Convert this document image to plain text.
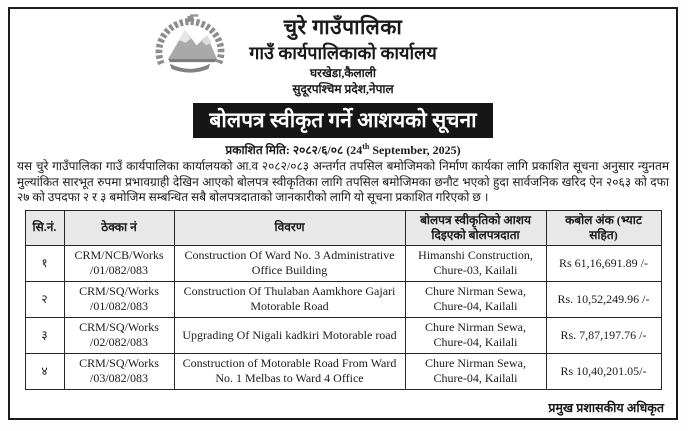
चुरे गाउँपालिका
गाउँ कार्यपालिकाको कार्यालय
घरखेडा,कैलाली
सुदूरपश्चिम प्रदेश,नेपाल
बोलपत्र स्वीकृत गर्ने आशयको सूचना
प्रकाशित मिति: २०८२/६/०८ (24th September, 2025)
यस चुरे गाउँपालिका गाउँ कार्यपालिका कार्यालयको आ.व २०८२/०८३ अन्तर्गत तपसिल बमोजिमको निर्माण कार्यका लागि प्रकाशित सूचना अनुसार न्युनतम मुल्यांकित सारभूत रुपमा प्रभावग्राही देखिन आएको बोलपत्र स्वीकृतिका लागि तपसिल बमोजिमका छनौट भएको हुदा सार्वजनिक खरिद ऐन २०६३ को दफा २७ को उपदफा २ र ३ बमोजिम सम्बन्धित सबै बोलपत्रदाताको जानकारीको लागि यो सूचना प्रकाशित गरिएको छ ।
सि.नं.	ठेक्का नं	विवरण	बोलपत्र स्वीकृतिको आशय दिइएको बोलपत्रदाता	कबोल अंक (भ्याट सहित)
१	CRM/NCB/Works /01/082/083	Construction Of Ward No. 3 Administrative Office Building	Himanshi Construction, Chure-03, Kailali	Rs 61,16,691.89 /-
२	CRM/SQ/Works /01/082/083	Construction Of Thulaban Aamkhore Gajari Motorable Road	Chure Nirman Sewa, Chure-04, Kailali	Rs. 10,52,249.96 /-
३	CRM/SQ/Works /02/082/083	Upgrading Of Nigali kadkiri Motorable road	Chure Nirman Sewa, Chure-04, Kailali	Rs. 7,87,197.76 /-
४	CRM/SQ/Works /03/082/083	Construction of Motorable Road From Ward No. 1 Melbas to Ward 4 Office	Chure Nirman Sewa, Chure-04, Kailali	Rs 10,40,201.05/-
प्रमुख प्रशासकीय अधिकृत
